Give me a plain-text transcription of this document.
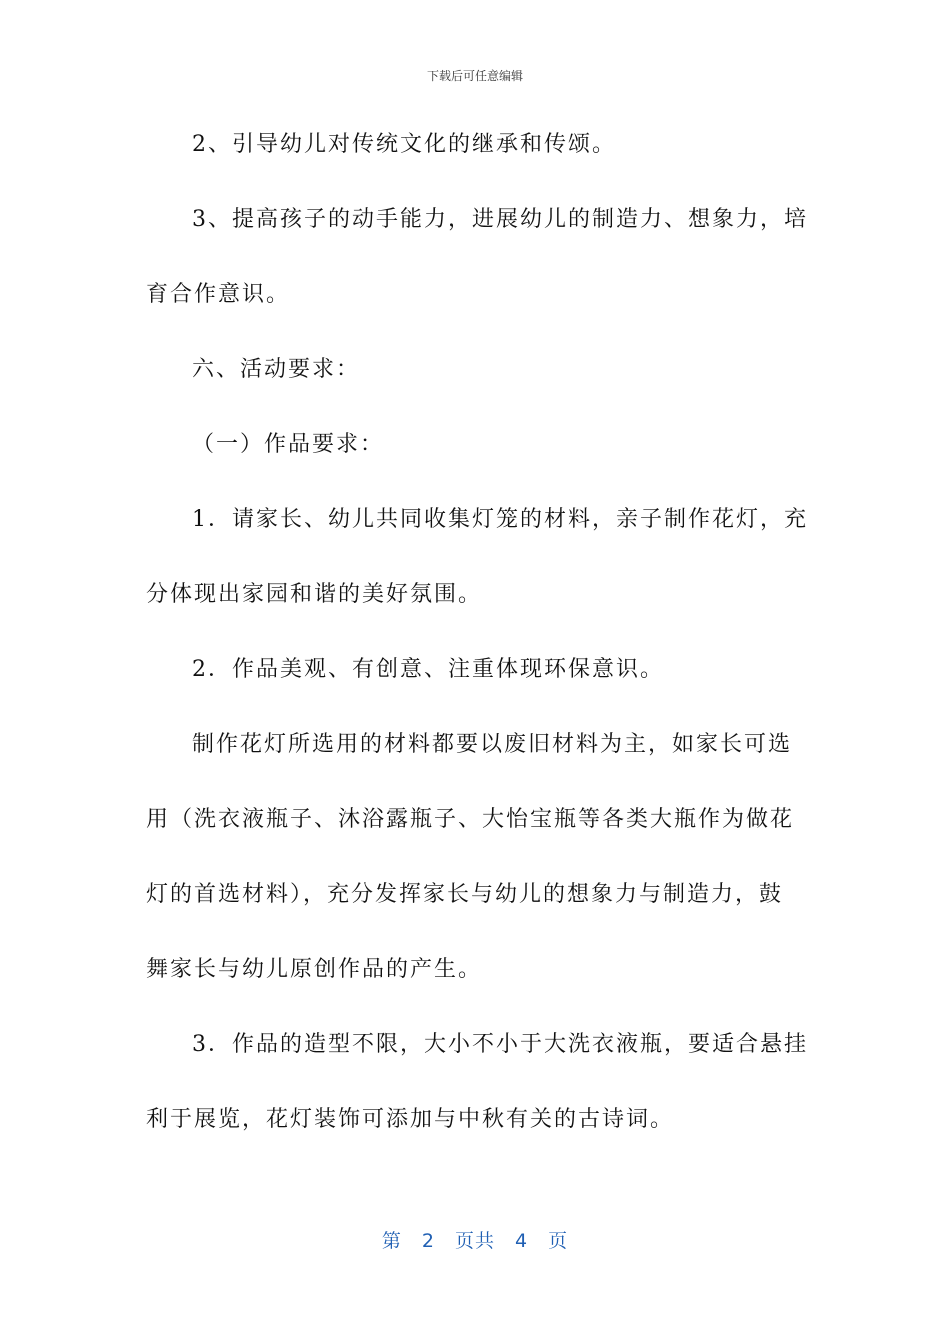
下载后可任意编辑
2、引导幼儿对传统文化的继承和传颂。
3、提高孩子的动手能力，进展幼儿的制造力、想象力，培
育合作意识。
六、活动要求：
（一）作品要求：
1．请家长、幼儿共同收集灯笼的材料，亲子制作花灯，充
分体现出家园和谐的美好氛围。
2．作品美观、有创意、注重体现环保意识。
制作花灯所选用的材料都要以废旧材料为主，如家长可选
用（洗衣液瓶子、沐浴露瓶子、大怡宝瓶等各类大瓶作为做花
灯的首选材料），充分发挥家长与幼儿的想象力与制造力，鼓
舞家长与幼儿原创作品的产生。
3．作品的造型不限，大小不小于大洗衣液瓶，要适合悬挂
利于展览，花灯装饰可添加与中秋有关的古诗词。
第 2 页共 4 页
